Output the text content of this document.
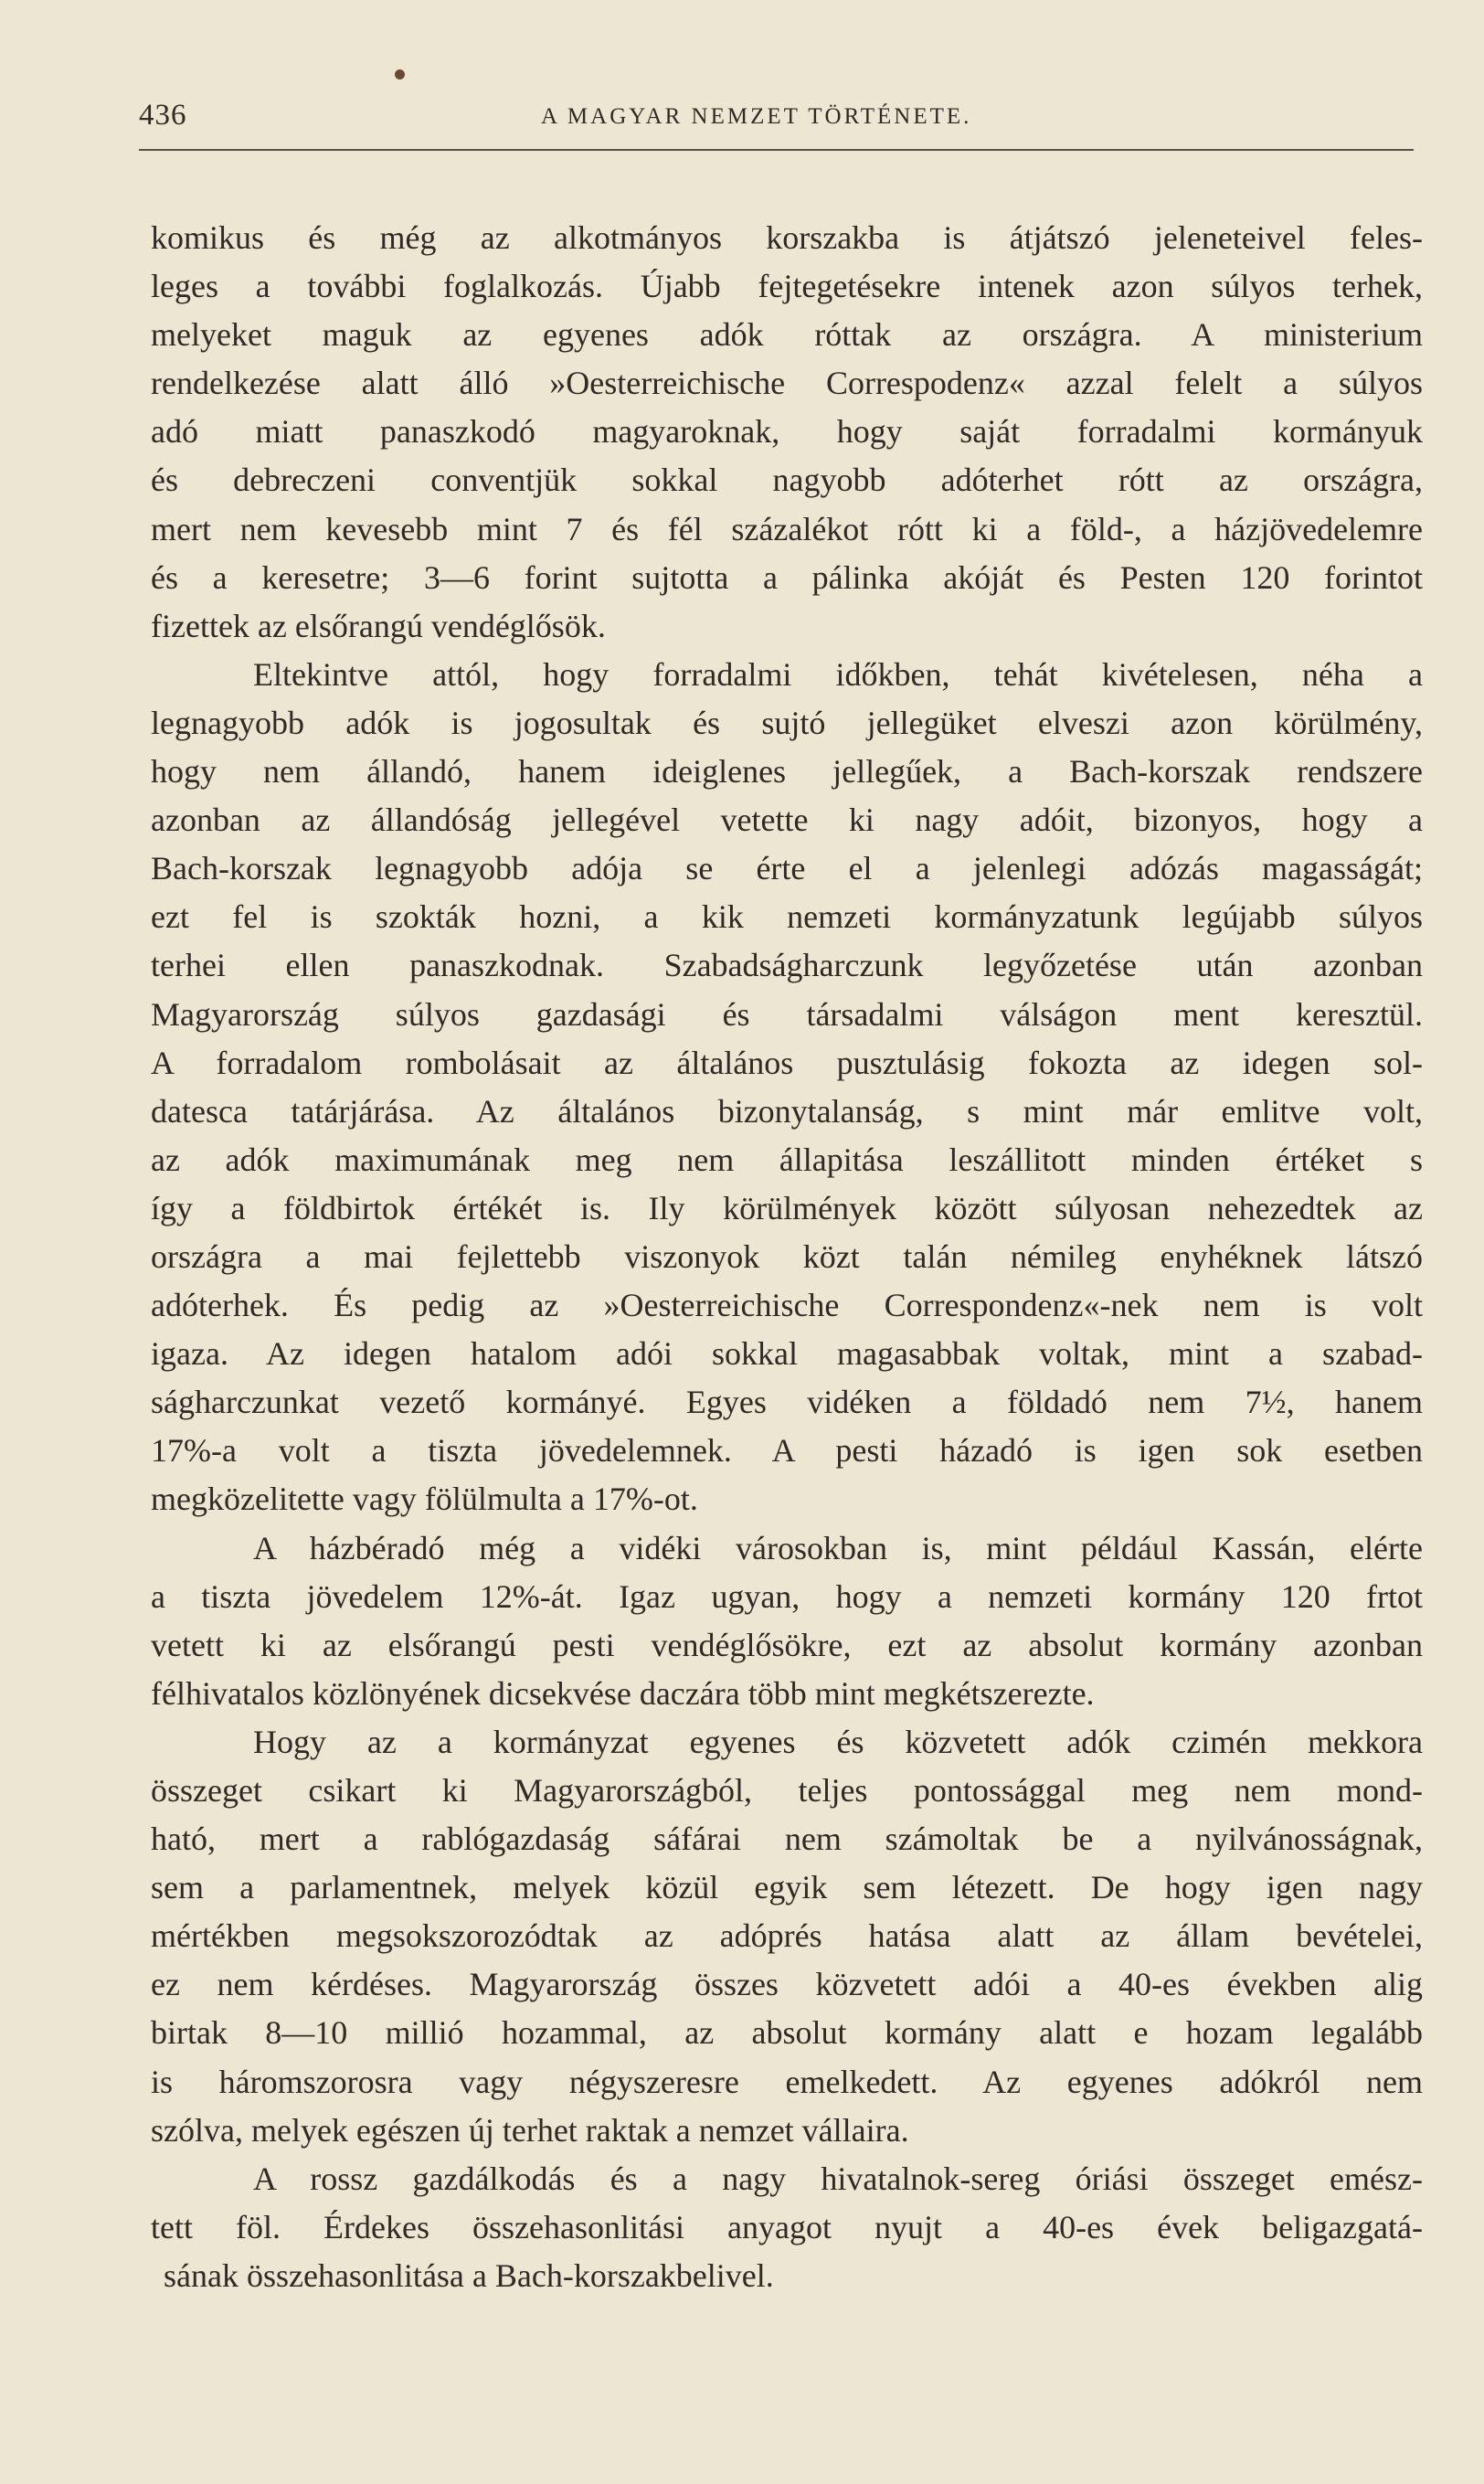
436	A MAGYAR NEMZET TÖRTÉNETE.
komikus és még az alkotmányos korszakba is átjátszó jeleneteivel feles-
leges a további foglalkozás. Újabb fejtegetésekre intenek azon súlyos terhek,
melyeket maguk az egyenes adók róttak az országra. A ministerium
rendelkezése alatt álló »Oesterreichische Correspodenz« azzal felelt a súlyos
adó miatt panaszkodó magyaroknak, hogy saját forradalmi kormányuk
és debreczeni conventjük sokkal nagyobb adóterhet rótt az országra,
mert nem kevesebb mint 7 és fél százalékot rótt ki a föld-, a házjövedelemre
és a keresetre; 3—6 forint sujtotta a pálinka akóját és Pesten 120 forintot
fizettek az elsőrangú vendéglősök.
Eltekintve attól, hogy forradalmi időkben, tehát kivételesen, néha a
legnagyobb adók is jogosultak és sujtó jellegüket elveszi azon körülmény,
hogy nem állandó, hanem ideiglenes jellegűek, a Bach-korszak rendszere
azonban az állandóság jellegével vetette ki nagy adóit, bizonyos, hogy a
Bach-korszak legnagyobb adója se érte el a jelenlegi adózás magasságát;
ezt fel is szokták hozni, a kik nemzeti kormányzatunk legújabb súlyos
terhei ellen panaszkodnak. Szabadságharczunk legyőzetése után azonban
Magyarország súlyos gazdasági és társadalmi válságon ment keresztül.
A forradalom rombolásait az általános pusztulásig fokozta az idegen sol-
datesca tatárjárása. Az általános bizonytalanság, s mint már emlitve volt,
az adók maximumának meg nem állapitása leszállitott minden értéket s
így a földbirtok értékét is. Ily körülmények között súlyosan nehezedtek az
országra a mai fejlettebb viszonyok közt talán némileg enyhéknek látszó
adóterhek. És pedig az »Oesterreichische Correspondenz«-nek nem is volt
igaza. Az idegen hatalom adói sokkal magasabbak voltak, mint a szabad-
ságharczunkat vezető kormányé. Egyes vidéken a földadó nem 7½, hanem
17%-a volt a tiszta jövedelemnek. A pesti házadó is igen sok esetben
megközelitette vagy fölülmulta a 17%-ot.
A házbéradó még a vidéki városokban is, mint például Kassán, elérte
a tiszta jövedelem 12%-át. Igaz ugyan, hogy a nemzeti kormány 120 frtot
vetett ki az elsőrangú pesti vendéglősökre, ezt az absolut kormány azonban
félhivatalos közlönyének dicsekvése daczára több mint megkétszerezte.
Hogy az a kormányzat egyenes és közvetett adók czimén mekkora
összeget csikart ki Magyarországból, teljes pontossággal meg nem mond-
ható, mert a rablógazdaság sáfárai nem számoltak be a nyilvánosságnak,
sem a parlamentnek, melyek közül egyik sem létezett. De hogy igen nagy
mértékben megsokszorozódtak az adóprés hatása alatt az állam bevételei,
ez nem kérdéses. Magyarország összes közvetett adói a 40-es években alig
birtak 8—10 millió hozammal, az absolut kormány alatt e hozam legalább
is háromszorosra vagy négyszeresre emelkedett. Az egyenes adókról nem
szólva, melyek egészen új terhet raktak a nemzet vállaira.
A rossz gazdálkodás és a nagy hivatalnok-sereg óriási összeget emész-
tett föl. Érdekes összehasonlitási anyagot nyujt a 40-es évek beligazgatá-
sának összehasonlitása a Bach-korszakbelivel.
